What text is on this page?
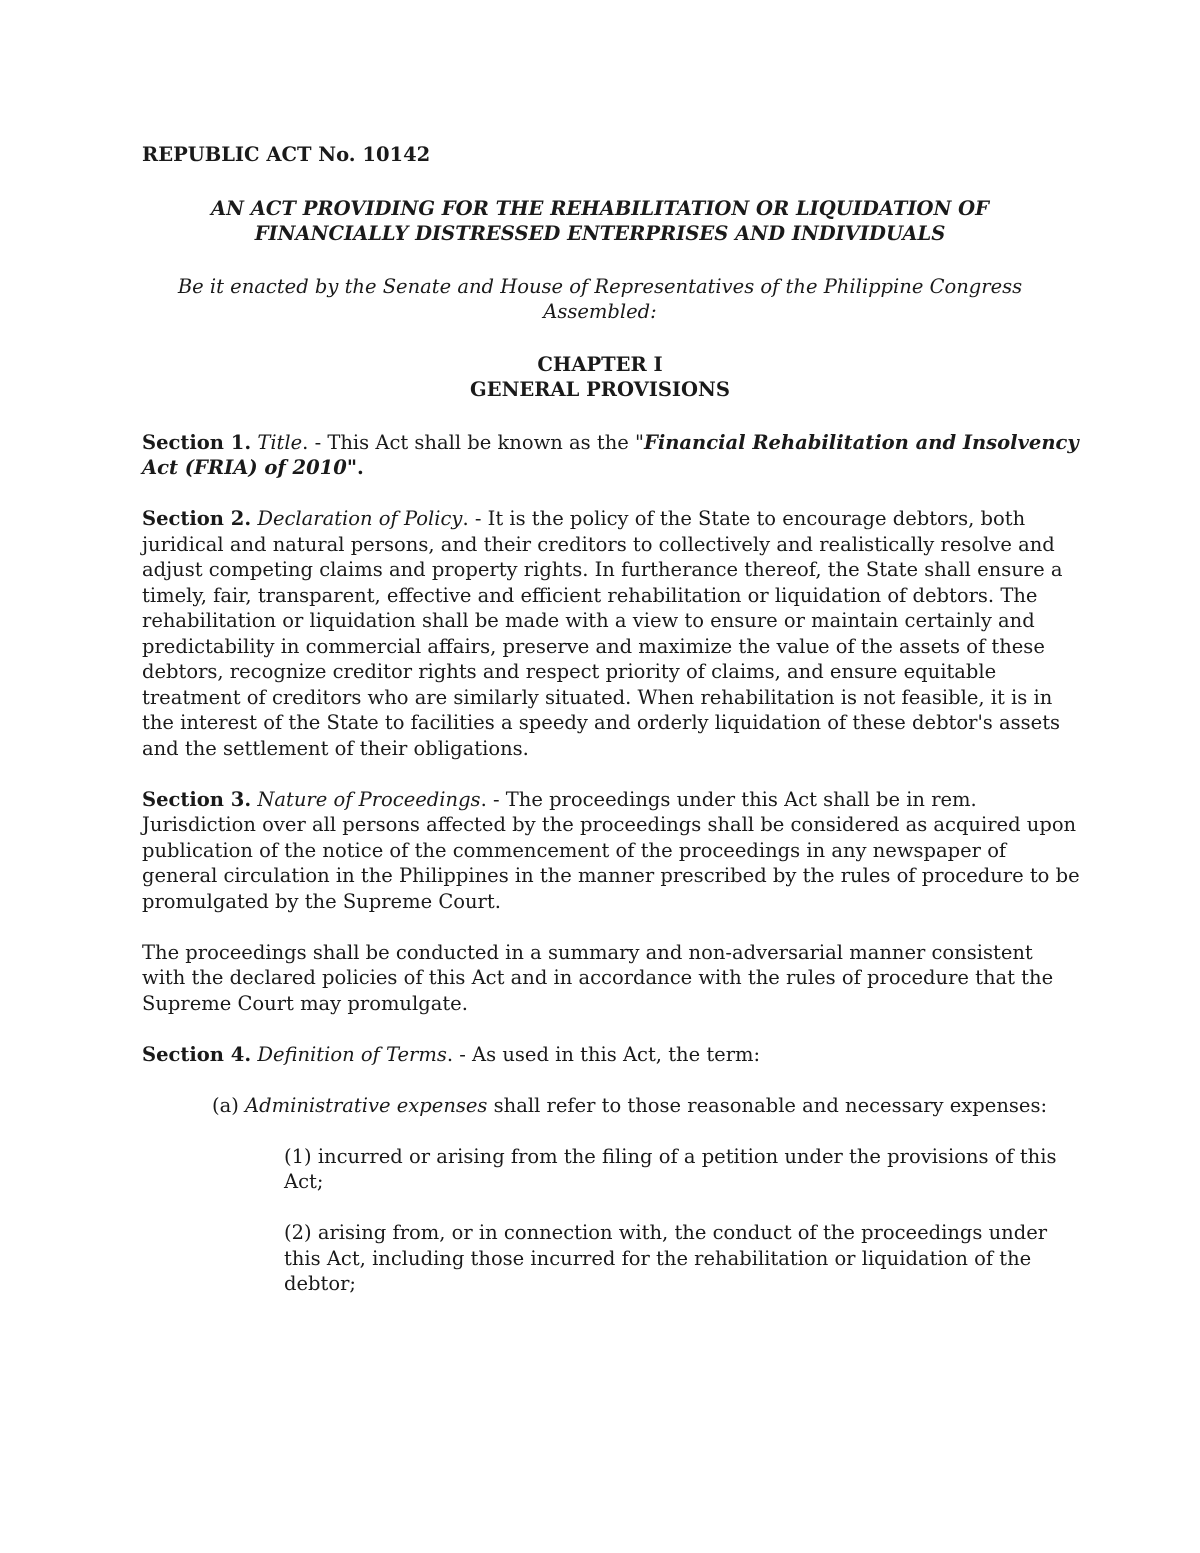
REPUBLIC ACT No. 10142

AN ACT PROVIDING FOR THE REHABILITATION OR LIQUIDATION OF
FINANCIALLY DISTRESSED ENTERPRISES AND INDIVIDUALS

Be it enacted by the Senate and House of Representatives of the Philippine Congress Assembled:

CHAPTER I
GENERAL PROVISIONS

Section 1. Title. - This Act shall be known as the "Financial Rehabilitation and Insolvency Act (FRIA) of 2010".

Section 2. Declaration of Policy. - It is the policy of the State to encourage debtors, both juridical and natural persons, and their creditors to collectively and realistically resolve and adjust competing claims and property rights. In furtherance thereof, the State shall ensure a timely, fair, transparent, effective and efficient rehabilitation or liquidation of debtors. The rehabilitation or liquidation shall be made with a view to ensure or maintain certainly and predictability in commercial affairs, preserve and maximize the value of the assets of these debtors, recognize creditor rights and respect priority of claims, and ensure equitable treatment of creditors who are similarly situated. When rehabilitation is not feasible, it is in the interest of the State to facilities a speedy and orderly liquidation of these debtor's assets and the settlement of their obligations.

Section 3. Nature of Proceedings. - The proceedings under this Act shall be in rem. Jurisdiction over all persons affected by the proceedings shall be considered as acquired upon publication of the notice of the commencement of the proceedings in any newspaper of general circulation in the Philippines in the manner prescribed by the rules of procedure to be promulgated by the Supreme Court.

The proceedings shall be conducted in a summary and non-adversarial manner consistent with the declared policies of this Act and in accordance with the rules of procedure that the Supreme Court may promulgate.

Section 4. Definition of Terms. - As used in this Act, the term:

(a) Administrative expenses shall refer to those reasonable and necessary expenses:

(1) incurred or arising from the filing of a petition under the provisions of this Act;

(2) arising from, or in connection with, the conduct of the proceedings under this Act, including those incurred for the rehabilitation or liquidation of the debtor;
